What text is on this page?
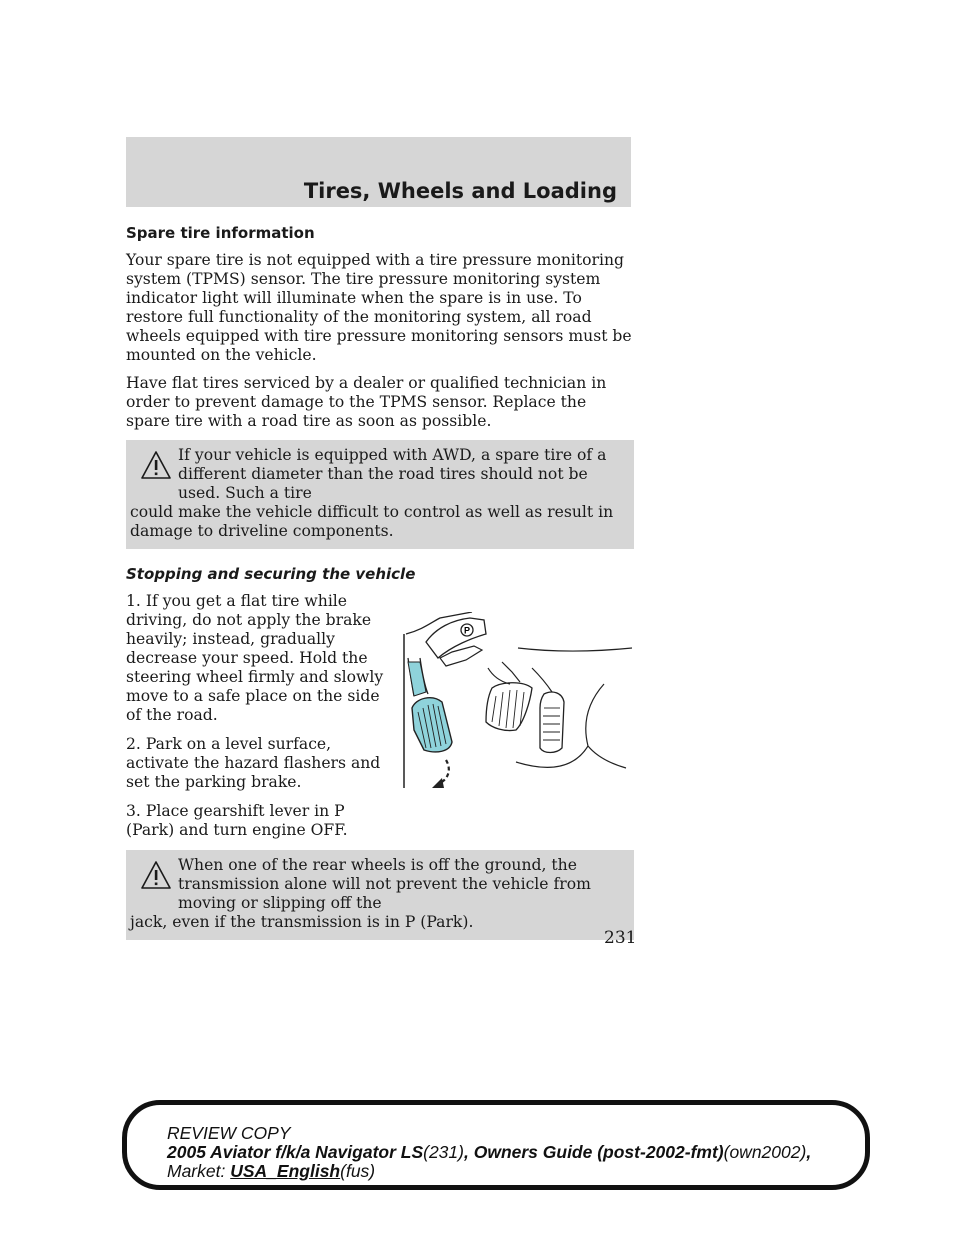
Tires, Wheels and Loading
Spare tire information

Your spare tire is not equipped with a tire pressure monitoring system (TPMS) sensor. The tire pressure monitoring system indicator light will illuminate when the spare is in use. To restore full functionality of the monitoring system, all road wheels equipped with tire pressure monitoring sensors must be mounted on the vehicle.

Have flat tires serviced by a dealer or qualified technician in order to prevent damage to the TPMS sensor. Replace the spare tire with a road tire as soon as possible.

If your vehicle is equipped with AWD, a spare tire of a different diameter than the road tires should not be used. Such a tire
could make the vehicle difficult to control as well as result in damage to driveline components.
Stopping and securing the vehicle

1. If you get a flat tire while driving, do not apply the brake heavily; instead, gradually decrease your speed. Hold the steering wheel firmly and slowly move to a safe place on the side of the road.

2. Park on a level surface, activate the hazard flashers and set the parking brake.

3. Place gearshift lever in P (Park) and turn engine OFF.

P
When one of the rear wheels is off the ground, the transmission alone will not prevent the vehicle from moving or slipping off the
jack, even if the transmission is in P (Park).
231
REVIEW COPY
2005 Aviator f/k/a Navigator LS(231), Owners Guide (post-2002-fmt)(own2002),
Market: USA_English(fus)
